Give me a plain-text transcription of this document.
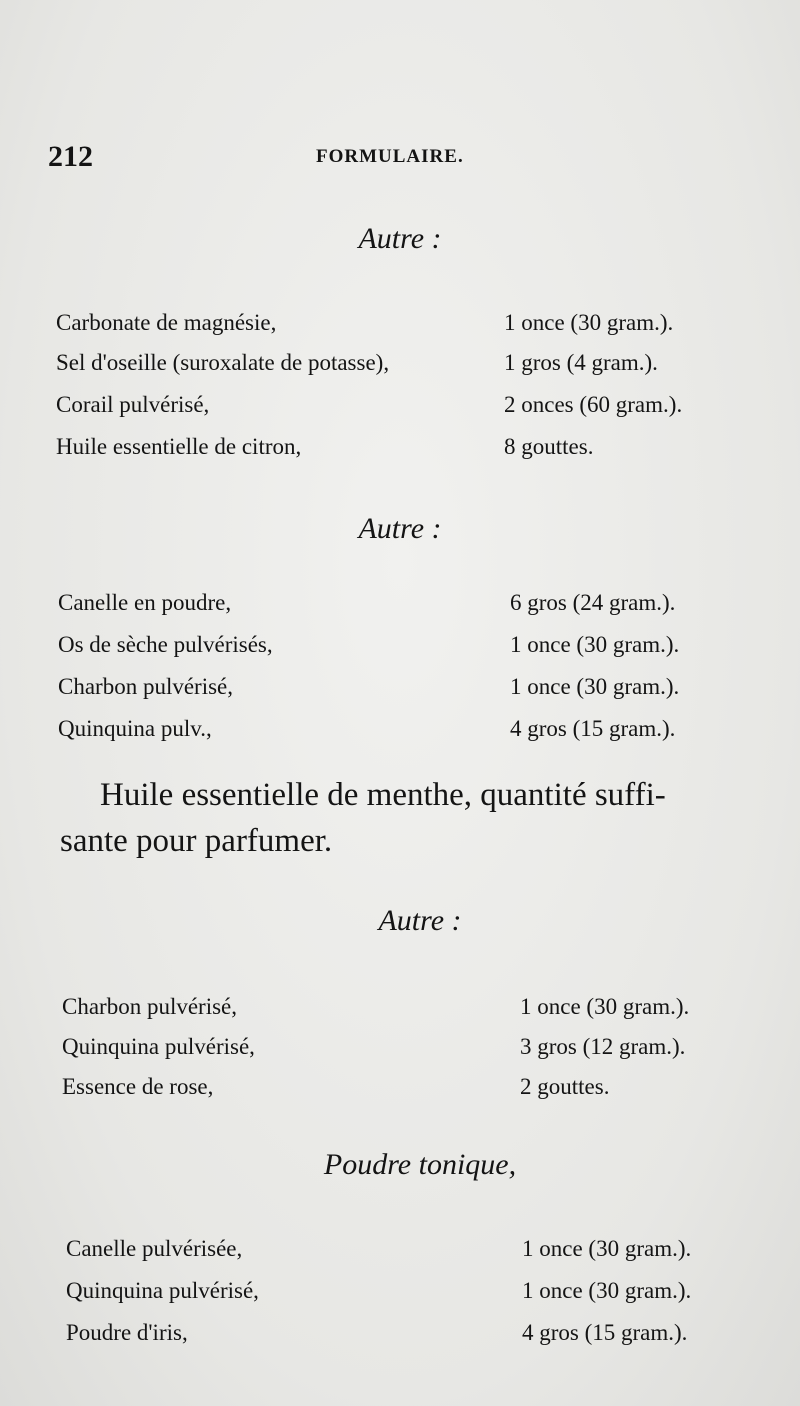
212	FORMULAIRE.
Autre :
Carbonate de magnésie,	1 once (30 gram.).
Sel d'oseille (suroxalate de potasse),	1 gros (4 gram.).
Corail pulvérisé,	2 onces (60 gram.).
Huile essentielle de citron,	8 gouttes.
Autre :
Canelle en poudre,	6 gros (24 gram.).
Os de sèche pulvérisés,	1 once (30 gram.).
Charbon pulvérisé,	1 once (30 gram.).
Quinquina pulv.,	4 gros (15 gram.).
Huile essentielle de menthe, quantité suffi-
sante pour parfumer.
Autre :
Charbon pulvérisé,	1 once (30 gram.).
Quinquina pulvérisé,	3 gros (12 gram.).
Essence de rose,	2 gouttes.
Poudre tonique,
Canelle pulvérisée,	1 once (30 gram.).
Quinquina pulvérisé,	1 once (30 gram.).
Poudre d'iris,	4 gros (15 gram.).
